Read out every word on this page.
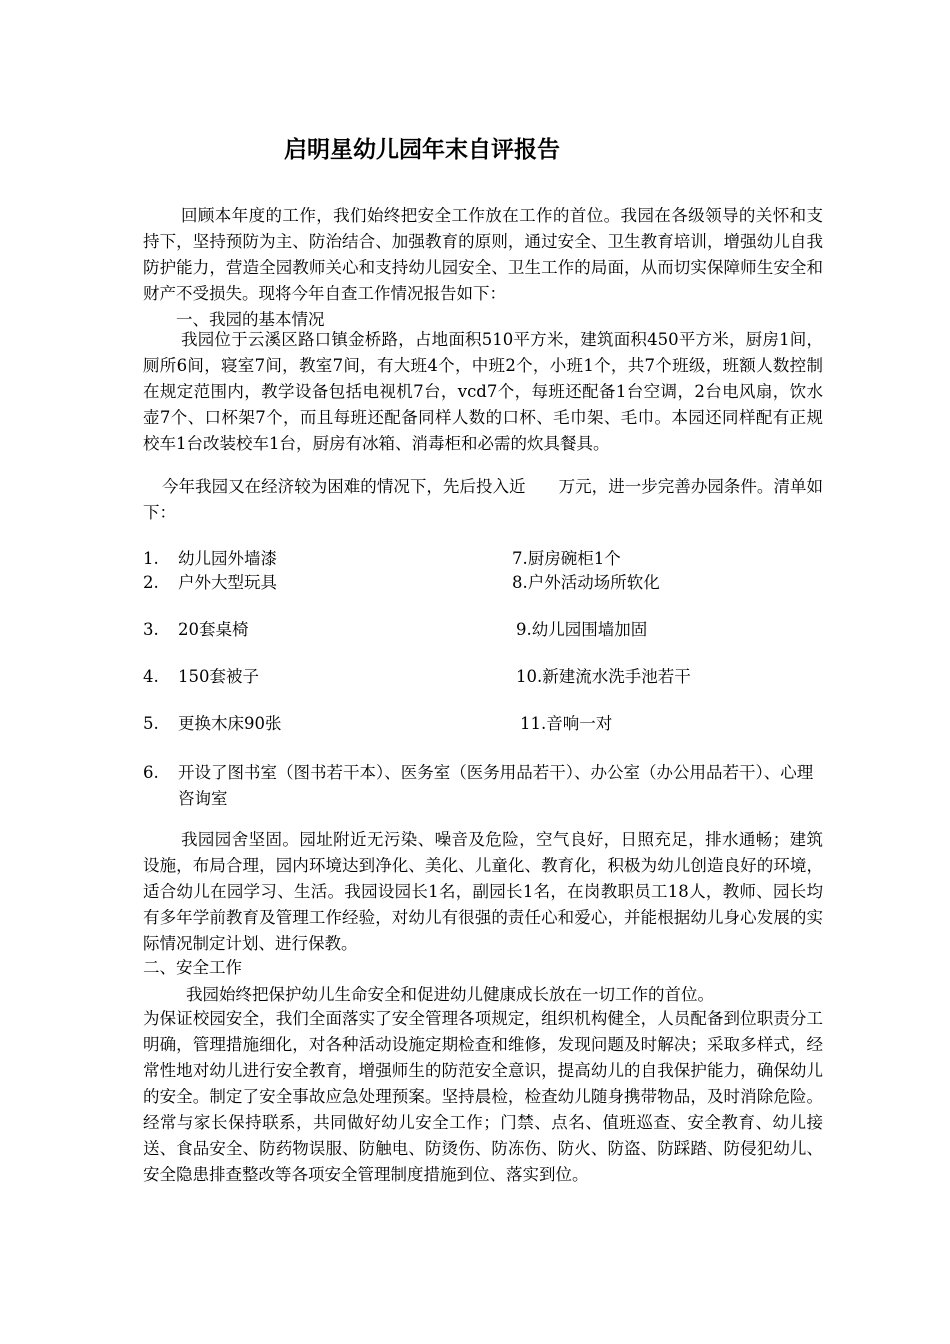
启明星幼儿园年末自评报告
回顾本年度的工作，我们始终把安全工作放在工作的首位。我园在各级领导的关怀和支持下，坚持预防为主、防治结合、加强教育的原则，通过安全、卫生教育培训，增强幼儿自我防护能力，营造全园教师关心和支持幼儿园安全、卫生工作的局面，从而切实保障师生安全和财产不受损失。现将今年自查工作情况报告如下：
一、我园的基本情况
我园位于云溪区路口镇金桥路，占地面积510平方米，建筑面积450平方米，厨房1间，厕所6间，寝室7间，教室7间，有大班4个，中班2个，小班1个，共7个班级，班额人数控制在规定范围内，教学设备包括电视机7台，vcd7个，每班还配备1台空调，2台电风扇，饮水壶7个、口杯架7个，而且每班还配备同样人数的口杯、毛巾架、毛巾。本园还同样配有正规校车1台改装校车1台，厨房有冰箱、消毒柜和必需的炊具餐具。
今年我园又在经济较为困难的情况下，先后投入近　　万元，进一步完善办园条件。清单如下：
1. 幼儿园外墙漆	7.厨房碗柜1个
2. 户外大型玩具	8.户外活动场所软化
3. 20套桌椅	9.幼儿园围墙加固
4. 150套被子	10.新建流水洗手池若干
5. 更换木床90张	11.音响一对
6. 开设了图书室（图书若干本）、医务室（医务用品若干）、办公室（办公用品若干）、心理咨询室
我园园舍坚固。园址附近无污染、噪音及危险，空气良好，日照充足，排水通畅；建筑设施，布局合理，园内环境达到净化、美化、儿童化、教育化，积极为幼儿创造良好的环境，适合幼儿在园学习、生活。我园设园长1名，副园长1名，在岗教职员工18人，教师、园长均有多年学前教育及管理工作经验，对幼儿有很强的责任心和爱心，并能根据幼儿身心发展的实际情况制定计划、进行保教。
二、安全工作
我园始终把保护幼儿生命安全和促进幼儿健康成长放在一切工作的首位。
为保证校园安全，我们全面落实了安全管理各项规定，组织机构健全，人员配备到位职责分工明确，管理措施细化，对各种活动设施定期检查和维修，发现问题及时解决；采取多样式，经常性地对幼儿进行安全教育，增强师生的防范安全意识，提高幼儿的自我保护能力，确保幼儿的安全。制定了安全事故应急处理预案。坚持晨检，检查幼儿随身携带物品，及时消除危险。经常与家长保持联系，共同做好幼儿安全工作；门禁、点名、值班巡查、安全教育、幼儿接送、食品安全、防药物误服、防触电、防烫伤、防冻伤、防火、防盗、防踩踏、防侵犯幼儿、安全隐患排查整改等各项安全管理制度措施到位、落实到位。
